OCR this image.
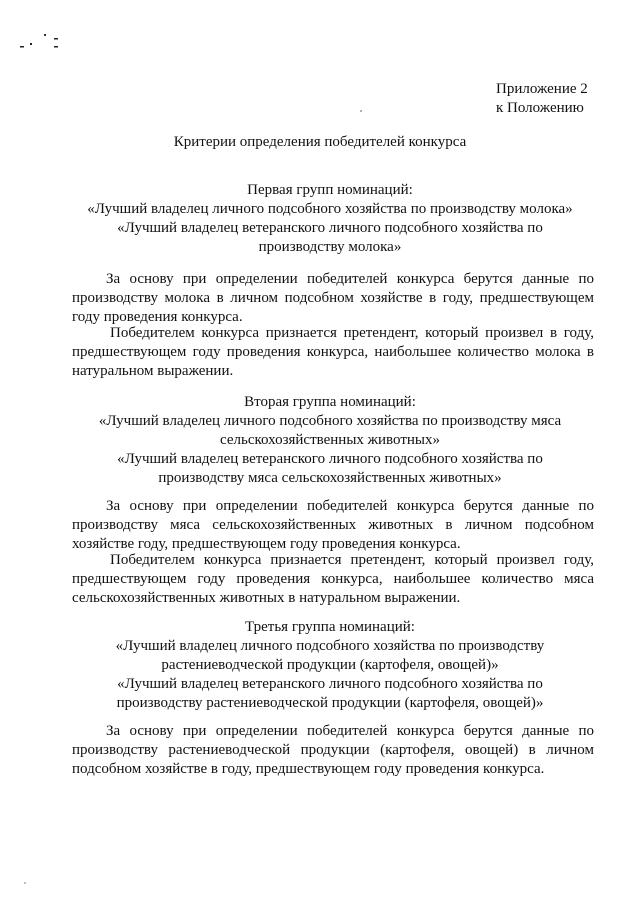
Приложение 2
к Положению
Критерии определения победителей конкурса
Первая групп номинаций:
«Лучший владелец личного подсобного хозяйства по производству молока»
«Лучший владелец ветеранского личного подсобного хозяйства по
производству молока»
За основу при определении победителей конкурса берутся данные по
производству молока в личном подсобном хозяйстве в году, предшествующем
году проведения конкурса.
Победителем конкурса признается претендент, который произвел в году,
предшествующем году проведения конкурса, наибольшее количество молока в
натуральном выражении.
Вторая группа номинаций:
«Лучший владелец личного подсобного хозяйства по производству мяса
сельскохозяйственных животных»
«Лучший владелец ветеранского личного подсобного хозяйства по
производству мяса сельскохозяйственных животных»
За основу при определении победителей конкурса берутся данные по
производству мяса сельскохозяйственных животных в личном подсобном
хозяйстве году, предшествующем году проведения конкурса.
Победителем конкурса признается претендент, который произвел году,
предшествующем году проведения конкурса, наибольшее количество мяса
сельскохозяйственных животных в натуральном выражении.
Третья группа номинаций:
«Лучший владелец личного подсобного хозяйства по производству
растениеводческой продукции (картофеля, овощей)»
«Лучший владелец ветеранского личного подсобного хозяйства по
производству растениеводческой продукции (картофеля, овощей)»
За основу при определении победителей конкурса берутся данные по
производству растениеводческой продукции (картофеля, овощей) в личном
подсобном хозяйстве в году, предшествующем году проведения конкурса.
